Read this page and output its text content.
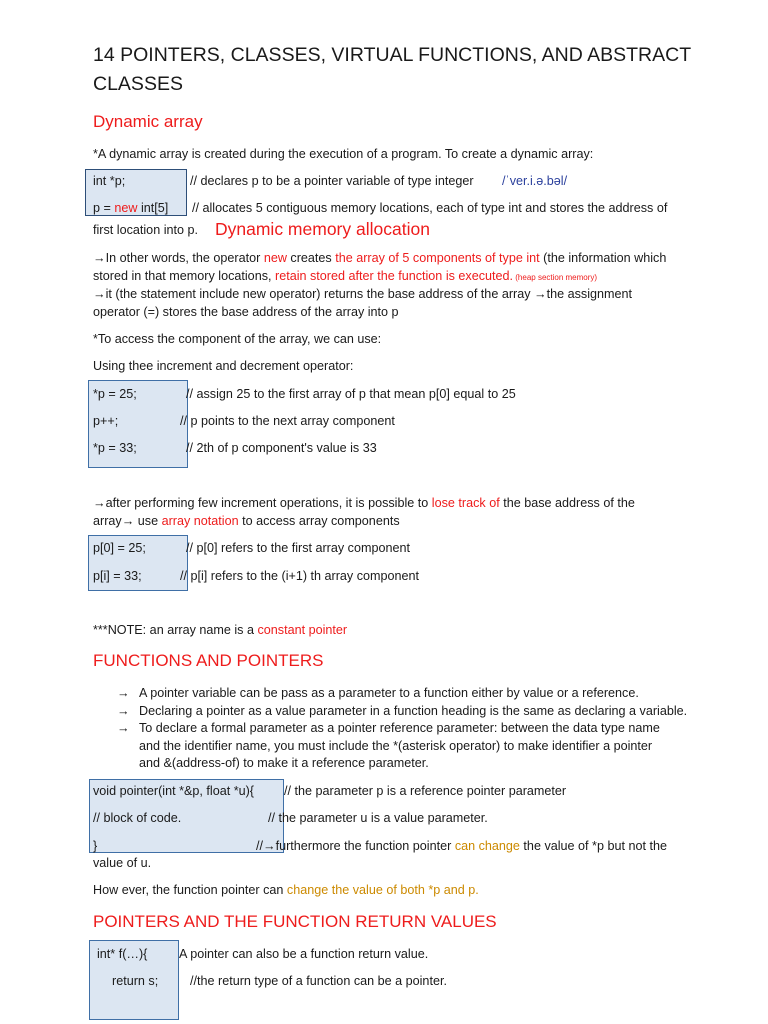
14 POINTERS, CLASSES, VIRTUAL FUNCTIONS, AND ABSTRACT
CLASSES
Dynamic array
*A dynamic array is created during the execution of a program. To create a dynamic array:
int *p;	// declares p to be a pointer variable of type integer /ˈver.i.ə.bəl/
p = new int[5] // allocates 5 contiguous memory locations, each of type int and stores the address of
first location into p. Dynamic memory allocation
→In other words, the operator new creates the array of 5 components of type int (the information which
stored in that memory locations, retain stored after the function is executed. (heap section memory)
→it (the statement include new operator) returns the base address of the array →the assignment
operator (=) stores the base address of the array into p
*To access the component of the array, we can use:
Using thee increment and decrement operator:
*p = 25;
p++;
*p = 33;
// assign 25 to the first array of p that mean p[0] equal to 25
// p points to the next array component
// 2th of p component's value is 33
→after performing few increment operations, it is possible to lose track of the base address of the
array→ use array notation to access array components
p[0] = 25;
p[i] = 33;
// p[0] refers to the first array component
// p[i] refers to the (i+1) th array component
***NOTE: an array name is a constant pointer
FUNCTIONS AND POINTERS
→ A pointer variable can be pass as a parameter to a function either by value or a reference.
→ Declaring a pointer as a value parameter in a function heading is the same as declaring a variable.
→ To declare a formal parameter as a pointer reference parameter: between the data type name
and the identifier name, you must include the *(asterisk operator) to make identifier a pointer
and &(address-of) to make it a reference parameter.
void pointer(int *&p, float *u){
// block of code.
}
// the parameter p is a reference pointer parameter
// the parameter u is a value parameter.
//→furthermore the function pointer can change the value of *p but not the
value of u.
How ever, the function pointer can change the value of both *p and p.
POINTERS AND THE FUNCTION RETURN VALUES
int* f(…){
return s;
A pointer can also be a function return value.
//the return type of a function can be a pointer.
